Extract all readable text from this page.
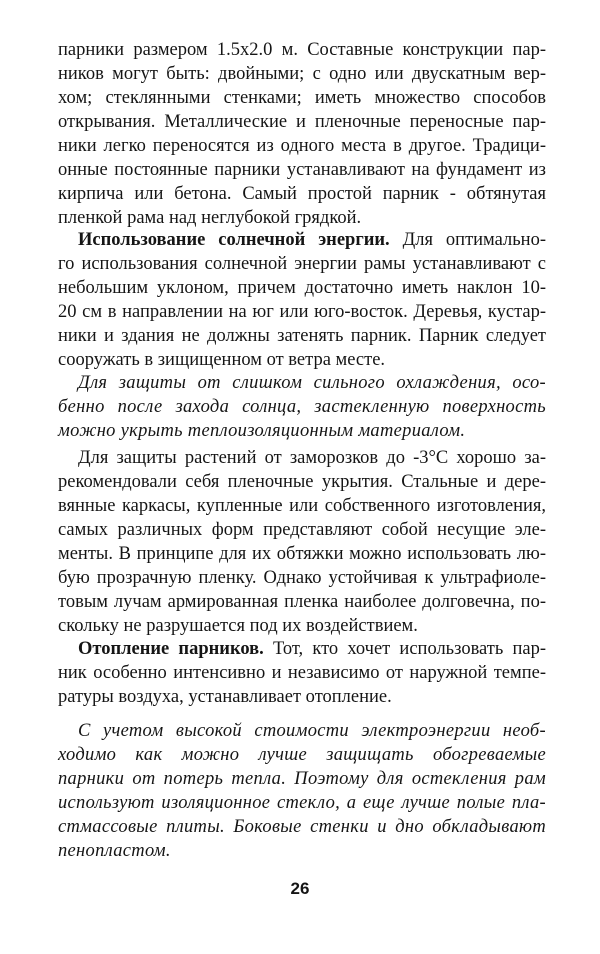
парники размером 1.5х2.0 м. Составные конструкции пар-
ников могут быть: двойными; с одно или двускатным вер-
хом; стеклянными стенками; иметь множество способов
открывания. Металлические и пленочные переносные пар-
ники легко переносятся из одного места в другое. Традици-
онные постоянные парники устанавливают на фундамент из
кирпича или бетона. Самый простой парник - обтянутая
пленкой рама над неглубокой грядкой.
Использование солнечной энергии. Для оптимально-
го использования солнечной энергии рамы устанавливают с
небольшим уклоном, причем достаточно иметь наклон 10-
20 см в направлении на юг или юго-восток. Деревья, кустар-
ники и здания не должны затенять парник. Парник следует
сооружать в зищищенном от ветра месте.
Для защиты от слишком сильного охлаждения, осо-
бенно после захода солнца, застекленную поверхность
можно укрыть теплоизоляционным материалом.
Для защиты растений от заморозков до -3°С хорошо за-
рекомендовали себя пленочные укрытия. Стальные и дере-
вянные каркасы, купленные или собственного изготовления,
самых различных форм представляют собой несущие эле-
менты. В принципе для их обтяжки можно использовать лю-
бую прозрачную пленку. Однако устойчивая к ультрафиоле-
товым лучам армированная пленка наиболее долговечна, по-
скольку не разрушается под их воздействием.
Отопление парников. Тот, кто хочет использовать пар-
ник особенно интенсивно и независимо от наружной темпе-
ратуры воздуха, устанавливает отопление.
С учетом высокой стоимости электроэнергии необ-
ходимо как можно лучше защищать обогреваемые
парники от потерь тепла. Поэтому для остекления рам
используют изоляционное стекло, а еще лучше полые пла-
стмассовые плиты. Боковые стенки и дно обкладывают
пенопластом.
26
